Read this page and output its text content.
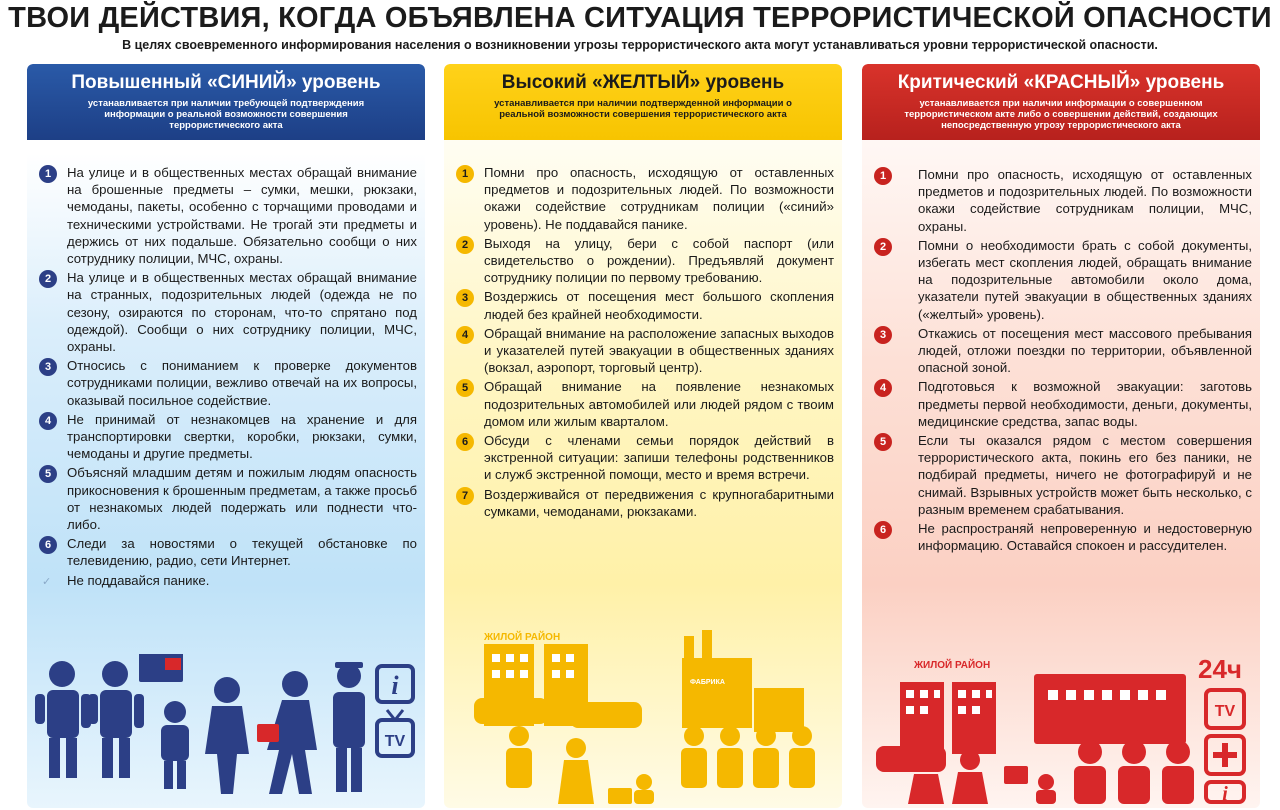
ТВОИ ДЕЙСТВИЯ, КОГДА ОБЪЯВЛЕНА СИТУАЦИЯ ТЕРРОРИСТИЧЕСКОЙ ОПАСНОСТИ
В целях своевременного информирования населения о возникновении угрозы террористического акта могут устанавливаться уровни террористической опасности.
Повышенный «СИНИЙ» уровень
устанавливается при наличии требующей подтверждения информации о реальной возможности совершения террористического акта
1	На улице и в общественных местах обращай внимание на брошенные предметы – сумки, мешки, рюкзаки, чемоданы, пакеты, особенно с торчащими проводами и техническими устройствами. Не трогай эти предметы и держись от них подальше. Обязательно сообщи о них сотруднику полиции, МЧС, охраны.
2	На улице и в общественных местах обращай внимание на странных, подозрительных людей (одежда не по сезону, озираются по сторонам, что-то спрятано под одеждой). Сообщи о них сотруднику полиции, МЧС, охраны.
3	Относись с пониманием к проверке документов сотрудниками полиции, вежливо отвечай на их вопросы, оказывай посильное содействие.
4	Не принимай от незнакомцев на хранение и для транспортировки свертки, коробки, рюкзаки, сумки, чемоданы и другие предметы.
5	Объясняй младшим детям и пожилым людям опасность прикосновения к брошенным предметам, а также просьб от незнакомых людей подержать или поднести что-либо.
6	Следи за новостями о текущей обстановке по телевидению, радио, сети Интернет.
✓ Не поддавайся панике.
i
TV
Высокий «ЖЕЛТЫЙ» уровень
устанавливается при наличии подтвержденной информации о реальной возможности совершения террористического акта
1	Помни про опасность, исходящую от оставленных предметов и подозрительных людей. По возможности окажи содействие сотрудникам полиции («синий» уровень). Не поддавайся панике.
2	Выходя на улицу, бери с собой паспорт (или свидетельство о рождении). Предъявляй документ сотруднику полиции по первому требованию.
3	Воздержись от посещения мест большого скопления людей без крайней необходимости.
4	Обращай внимание на расположение запасных выходов и указателей путей эвакуации в общественных зданиях (вокзал, аэропорт, торговый центр).
5	Обращай внимание на появление незнакомых подозрительных автомобилей или людей рядом с твоим домом или жилым кварталом.
6	Обсуди с членами семьи порядок действий в экстренной ситуации: запиши телефоны родственников и служб экстренной помощи, место и время встречи.
7	Воздерживайся от передвижения с крупногабаритными сумками, чемоданами, рюкзаками.
ЖИЛОЙ РАЙОН
ФАБРИКА
Критический «КРАСНЫЙ» уровень
устанавливается при наличии информации о совершенном террористическом акте либо о совершении действий, создающих непосредственную угрозу террористического акта
1	Помни про опасность, исходящую от оставленных предметов и подозрительных людей. По возможности окажи содействие сотрудникам полиции, МЧС, охраны.
2	Помни о необходимости брать с собой документы, избегать мест скопления людей, обращать внимание на подозрительные автомобили около дома, указатели путей эвакуации в общественных зданиях («желтый» уровень).
3	Откажись от посещения мест массового пребывания людей, отложи поездки по территории, объявленной опасной зоной.
4	Подготовься к возможной эвакуации: заготовь предметы первой необходимости, деньги, документы, медицинские средства, запас воды.
5	Если ты оказался рядом с местом совершения террористического акта, покинь его без паники, не подбирай предметы, ничего не фотографируй и не снимай. Взрывных устройств может быть несколько, с разным временем срабатывания.
6	Не распространяй непроверенную и недостоверную информацию. Оставайся спокоен и рассудителен.
ЖИЛОЙ РАЙОН	24ч
TV
i
